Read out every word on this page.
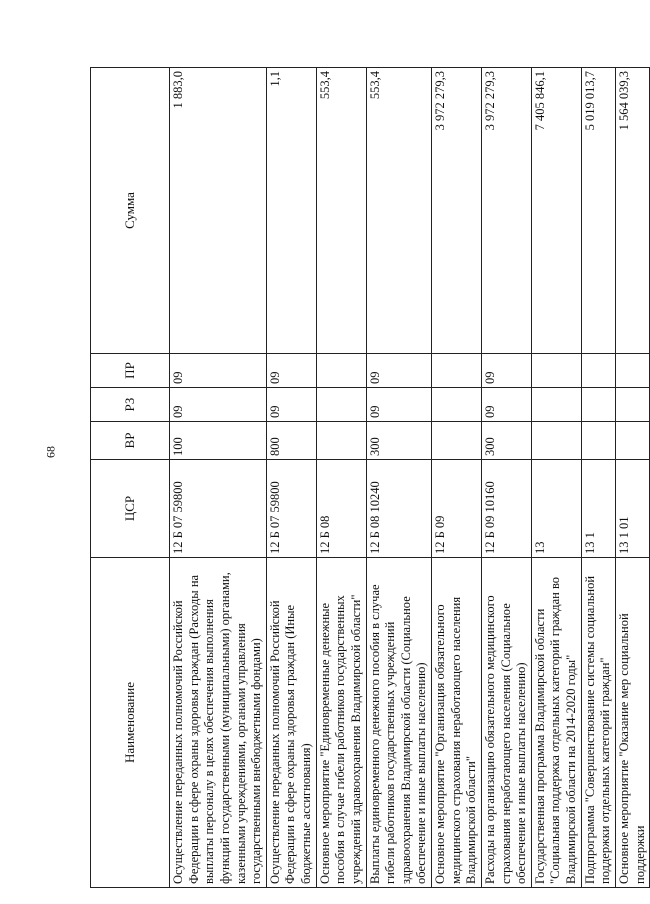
68
Наименование	ЦСР	ВР	РЗ	ПР	Сумма
Осуществление переданных полномочий Российской Федерации в сфере охраны здоровья граждан (Расходы на выплаты персоналу в целях обеспечения выполнения функций государственными (муниципальными) органами, казенными учреждениями, органами управления государственными внебюджетными фондами)	12 Б 07 59800	100	09	09	1 883,0
Осуществление переданных полномочий Российской Федерации в сфере охраны здоровья граждан (Иные бюджетные ассигнования)	12 Б 07 59800	800	09	09	1,1
Основное мероприятие "Единовременные денежные пособия в случае гибели работников государственных учреждений здравоохранения Владимирской области"	12 Б 08				553,4
Выплаты единовременного денежного пособия в случае гибели работников государственных учреждений здравоохранения Владимирской области (Социальное обеспечение и иные выплаты населению)	12 Б 08 10240	300	09	09	553,4
Основное мероприятие "Организация обязательного медицинского страхования неработающего населения Владимирской области"	12 Б 09				3 972 279,3
Расходы на организацию обязательного медицинского страхования неработающего населения (Социальное обеспечение и иные выплаты населению)	12 Б 09 10160	300	09	09	3 972 279,3
Государственная программа Владимирской области "Социальная поддержка отдельных категорий граждан во Владимирской области на 2014-2020 годы"	13				7 405 846,1
Подпрограмма "Совершенствование системы социальной поддержки отдельных категорий граждан"	13 1				5 019 013,7
Основное мероприятие "Оказание мер социальной поддержки	13 1 01				1 564 039,3
